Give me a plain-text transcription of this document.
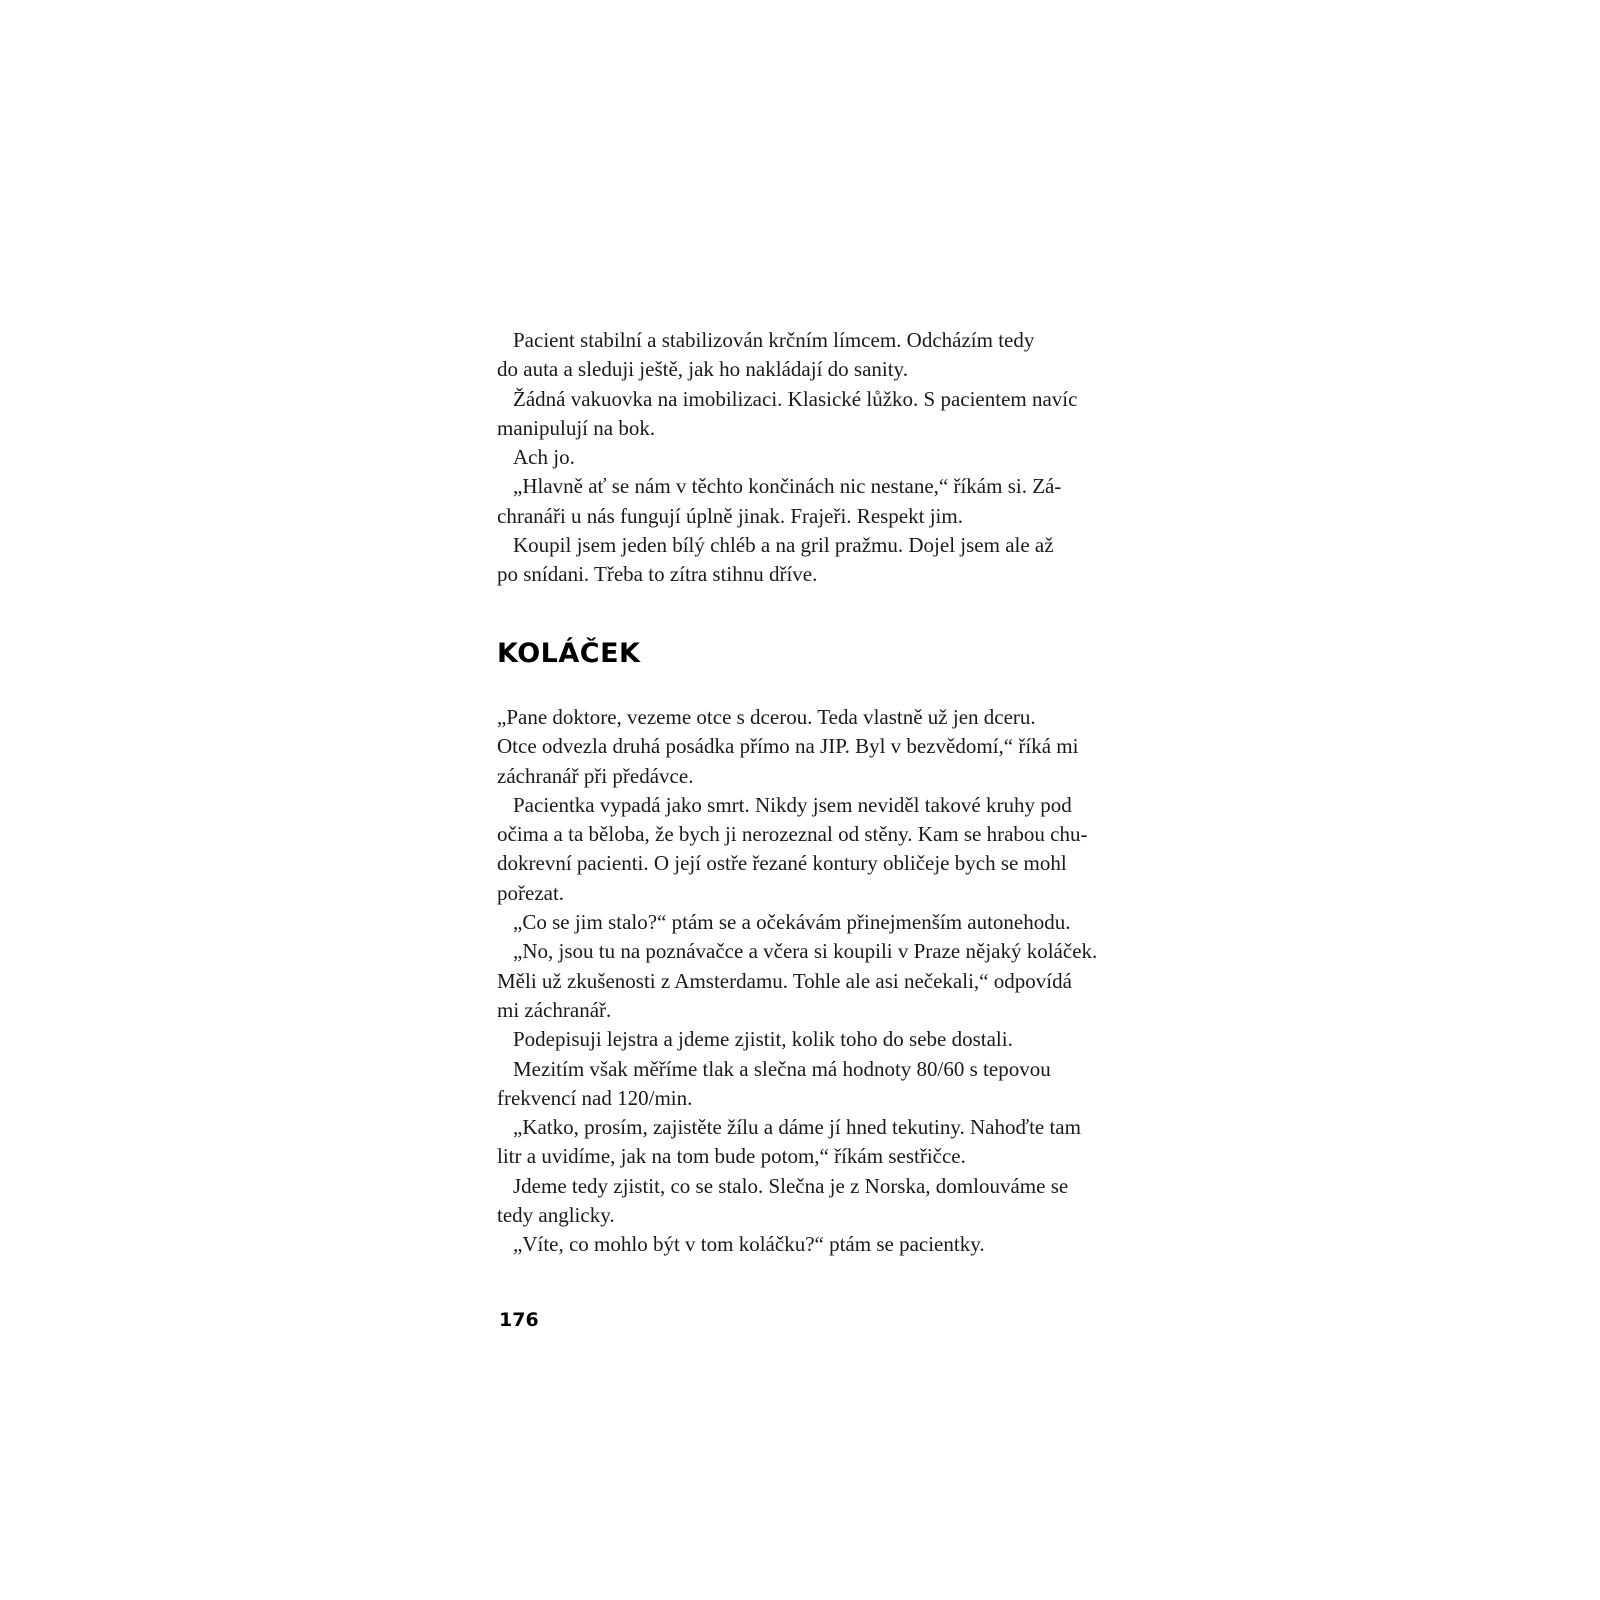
Pacient stabilní a stabilizován krčním límcem. Odcházím tedy
do auta a sleduji ještě, jak ho nakládají do sanity.
Žádná vakuovka na imobilizaci. Klasické lůžko. S pacientem navíc
manipulují na bok.
Ach jo.
„Hlavně ať se nám v těchto končinách nic nestane,“ říkám si. Zá-
chranáři u nás fungují úplně jinak. Frajeři. Respekt jim.
Koupil jsem jeden bílý chléb a na gril pražmu. Dojel jsem ale až
po snídani. Třeba to zítra stihnu dříve.
KOLÁČEK
„Pane doktore, vezeme otce s dcerou. Teda vlastně už jen dceru.
Otce odvezla druhá posádka přímo na JIP. Byl v bezvědomí,“ říká mi
záchranář při předávce.
Pacientka vypadá jako smrt. Nikdy jsem neviděl takové kruhy pod
očima a ta běloba, že bych ji nerozeznal od stěny. Kam se hrabou chu-
dokrevní pacienti. O její ostře řezané kontury obličeje bych se mohl
pořezat.
„Co se jim stalo?“ ptám se a očekávám přinejmenším autonehodu.
„No, jsou tu na poznávačce a včera si koupili v Praze nějaký koláček.
Měli už zkušenosti z Amsterdamu. Tohle ale asi nečekali,“ odpovídá
mi záchranář.
Podepisuji lejstra a jdeme zjistit, kolik toho do sebe dostali.
Mezitím však měříme tlak a slečna má hodnoty 80/60 s tepovou
frekvencí nad 120/min.
„Katko, prosím, zajistěte žílu a dáme jí hned tekutiny. Nahoďte tam
litr a uvidíme, jak na tom bude potom,“ říkám sestřičce.
Jdeme tedy zjistit, co se stalo. Slečna je z Norska, domlouváme se
tedy anglicky.
„Víte, co mohlo být v tom koláčku?“ ptám se pacientky.
176
